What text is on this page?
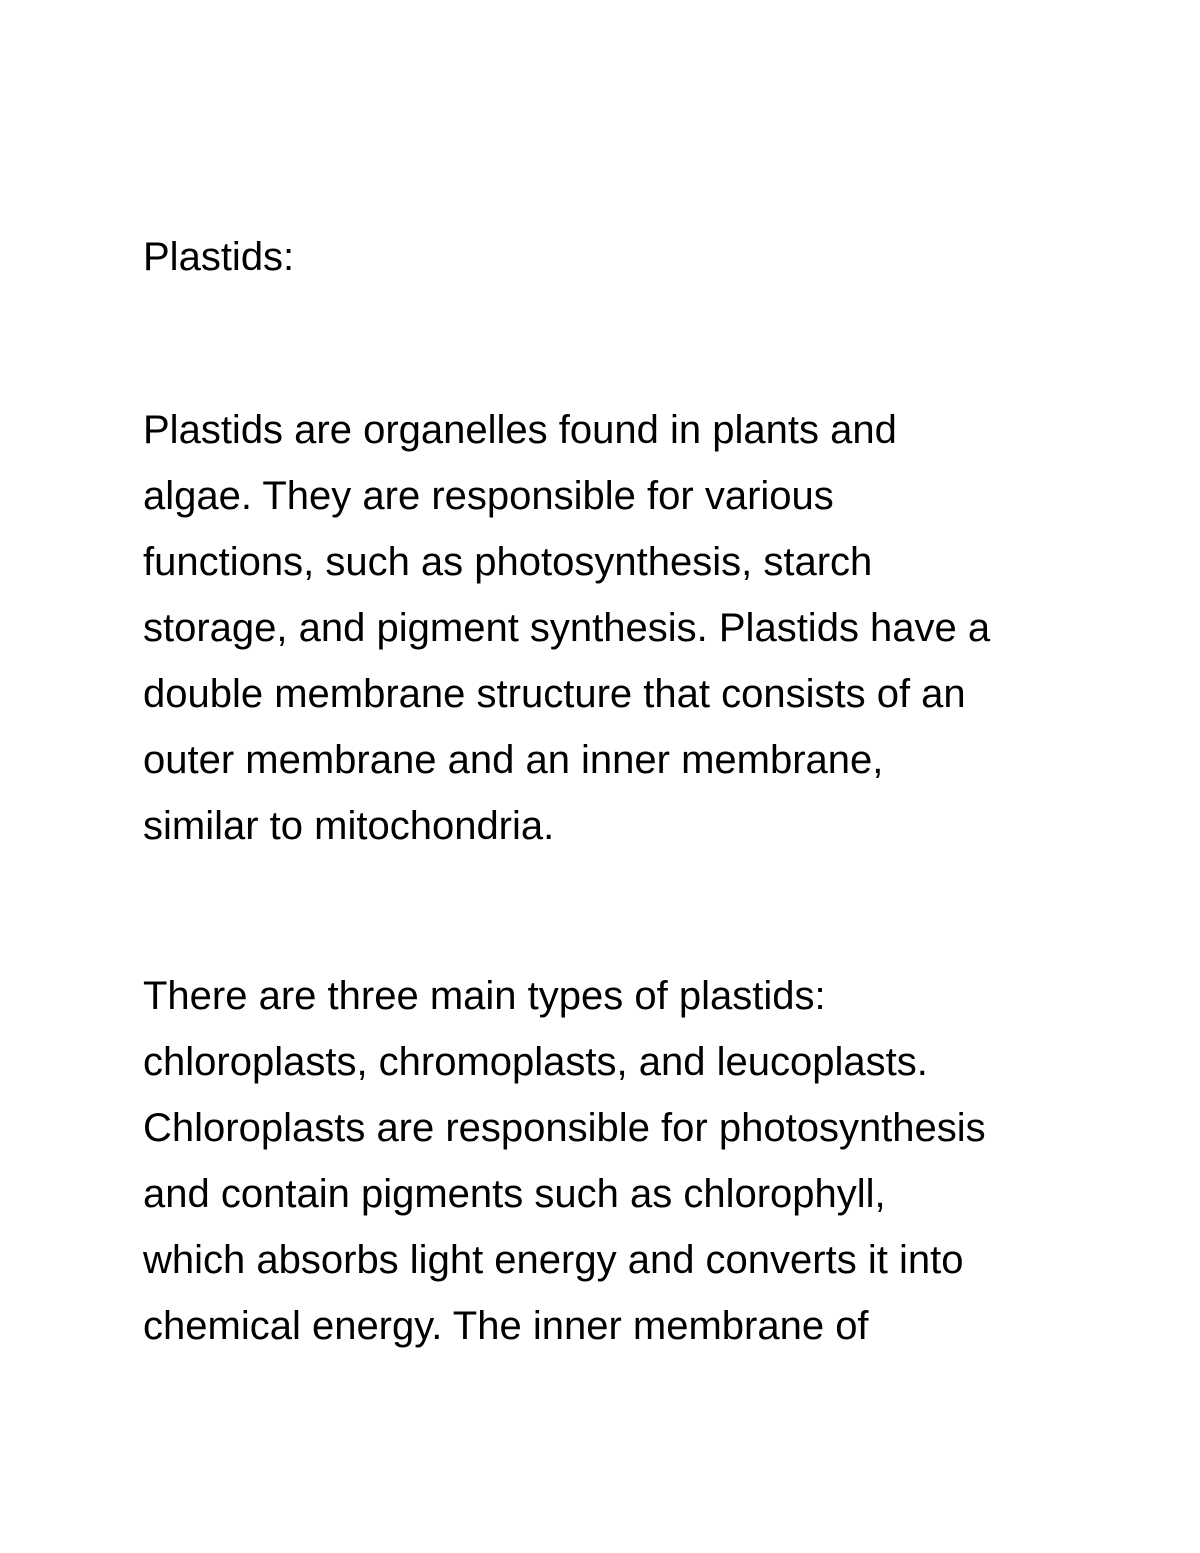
Plastids:
Plastids are organelles found in plants and
algae. They are responsible for various
functions, such as photosynthesis, starch
storage, and pigment synthesis. Plastids have a
double membrane structure that consists of an
outer membrane and an inner membrane,
similar to mitochondria.
There are three main types of plastids:
chloroplasts, chromoplasts, and leucoplasts.
Chloroplasts are responsible for photosynthesis
and contain pigments such as chlorophyll,
which absorbs light energy and converts it into
chemical energy. The inner membrane of
